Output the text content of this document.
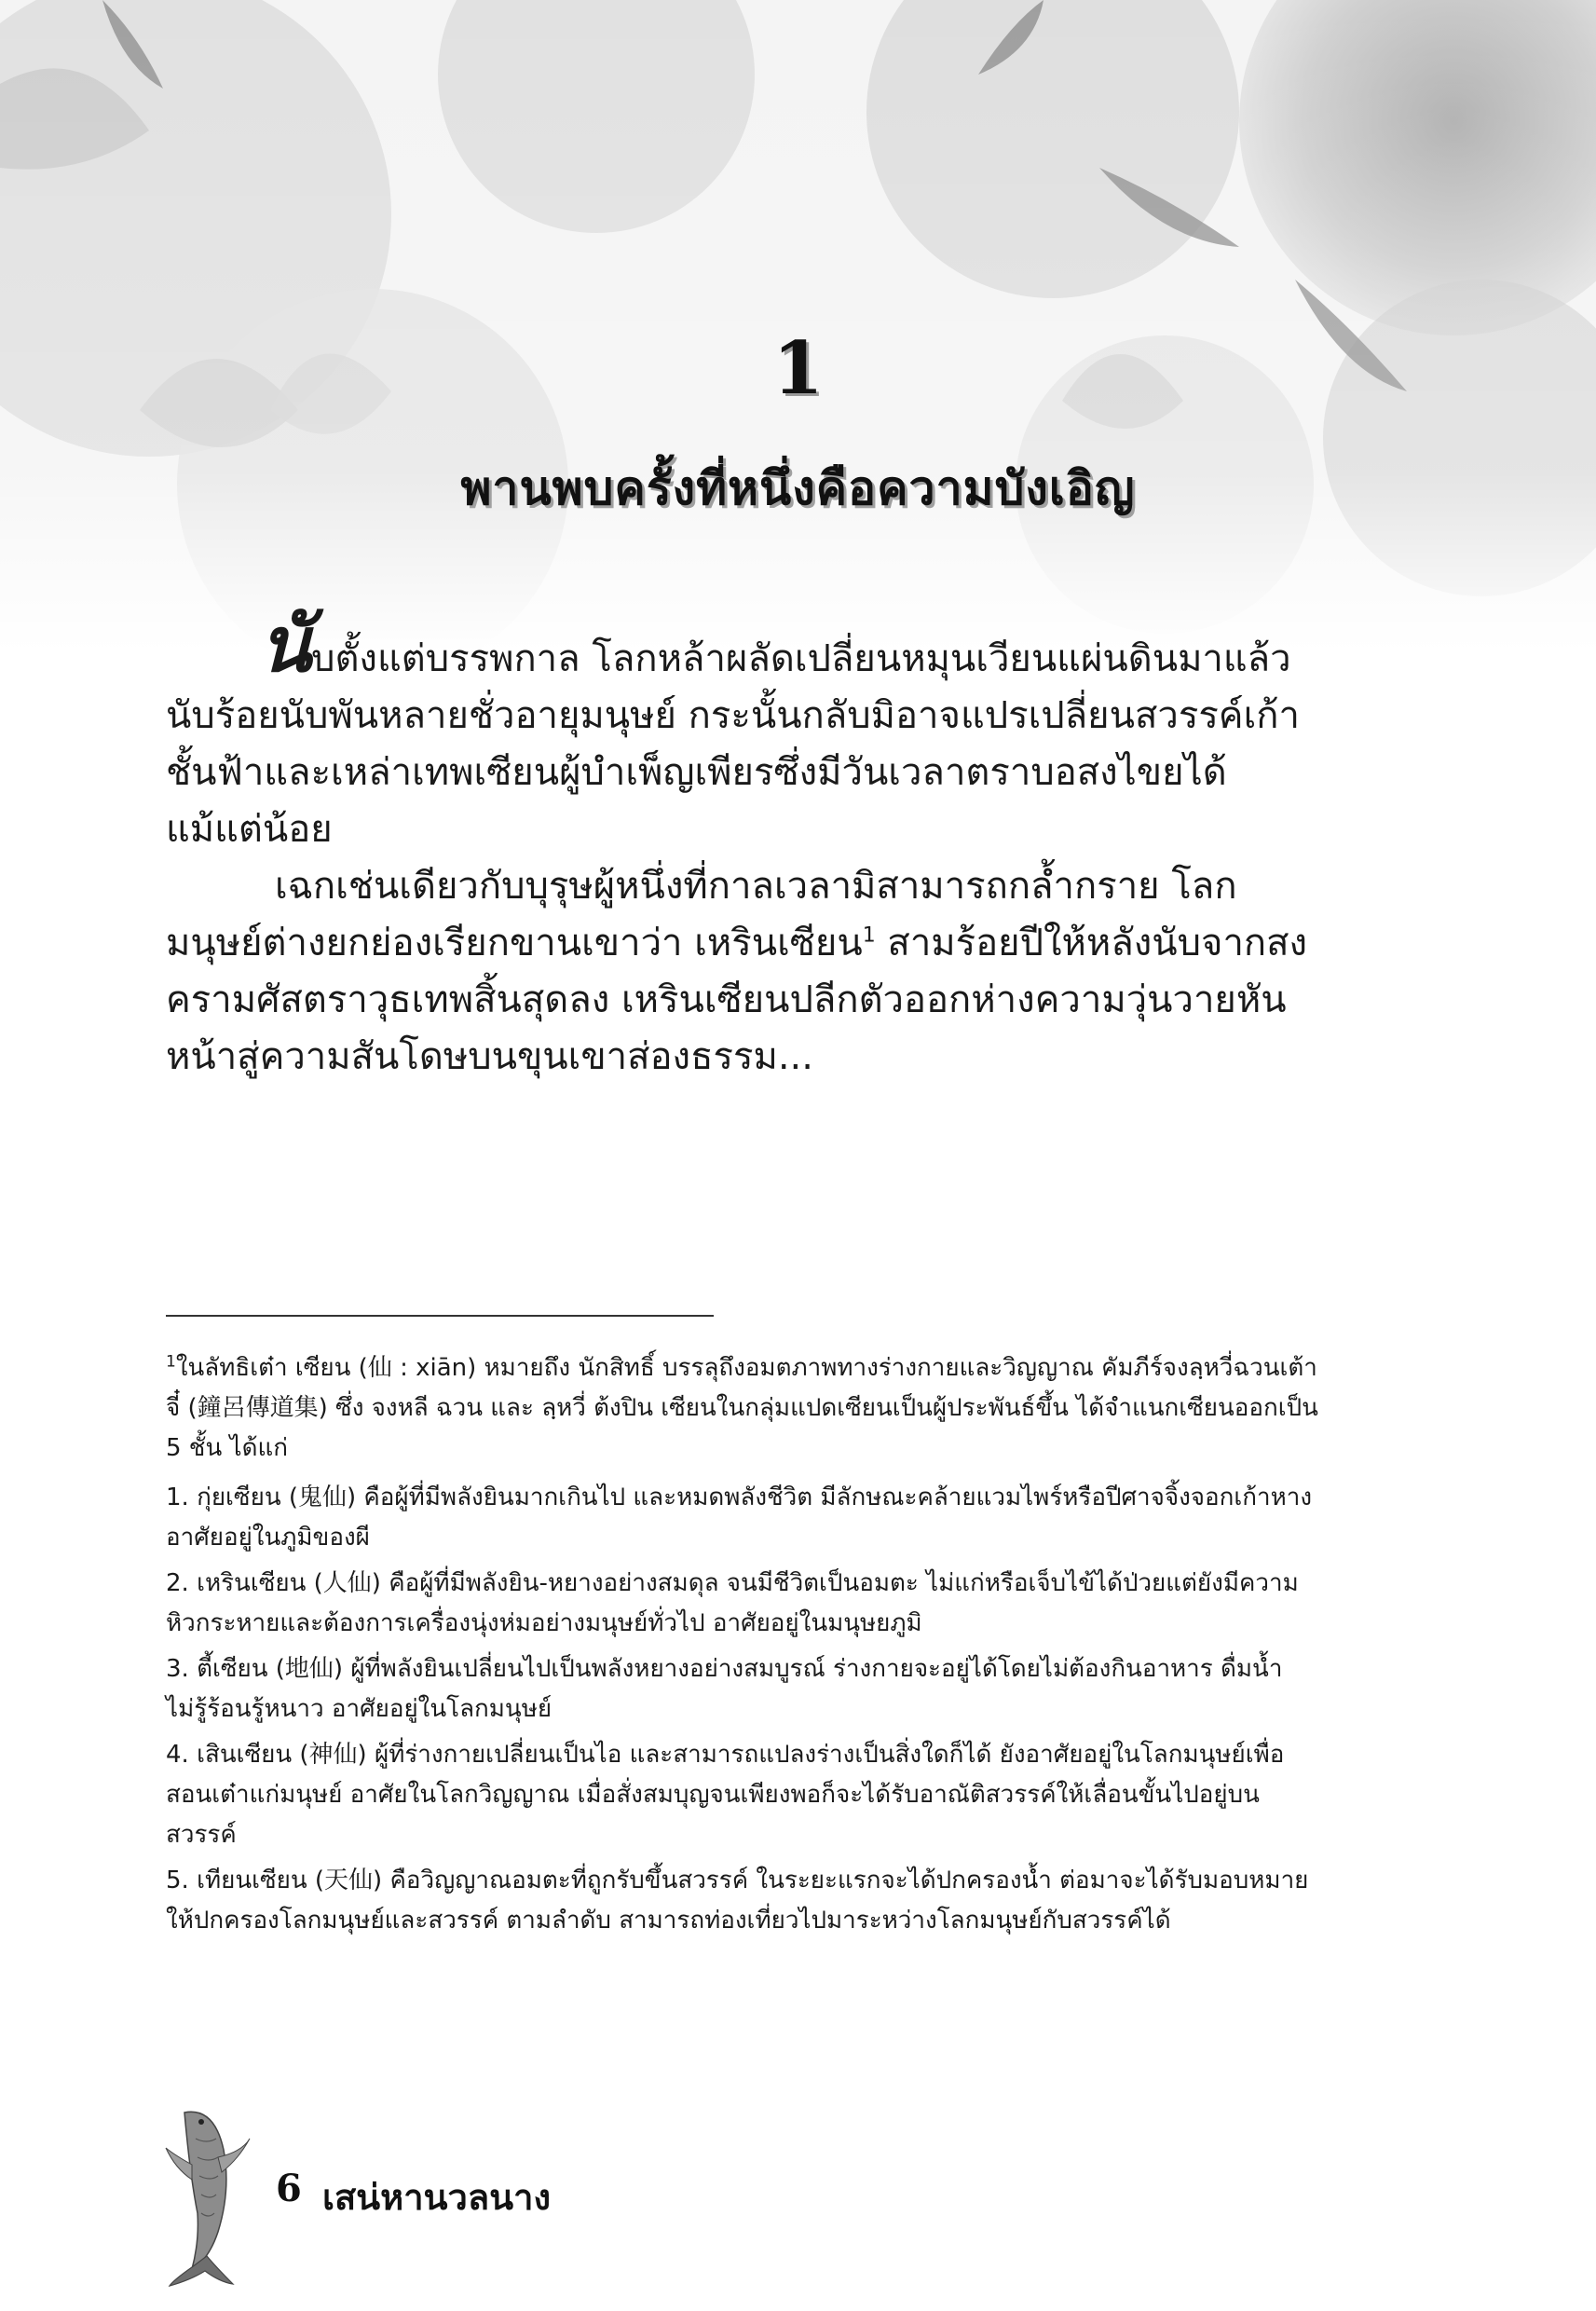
1
พานพบครั้งที่หนึ่งคือความบังเอิญ

นับตั้งแต่บรรพกาล โลกหล้าผลัดเปลี่ยนหมุนเวียนแผ่นดินมาแล้วนับร้อยนับพันหลายชั่วอายุมนุษย์ กระนั้นกลับมิอาจแปรเปลี่ยนสวรรค์เก้าชั้นฟ้าและเหล่าเทพเซียนผู้บำเพ็ญเพียรซึ่งมีวันเวลาตราบอสงไขยได้แม้แต่น้อย

เฉกเช่นเดียวกับบุรุษผู้หนึ่งที่กาลเวลามิสามารถกล้ำกราย โลกมนุษย์ต่างยกย่องเรียกขานเขาว่า เหรินเซียน$^1$ สามร้อยปีให้หลังนับจากสงครามศัสตราวุธเทพสิ้นสุดลง เหรินเซียนปลีกตัวออกห่างความวุ่นวายหันหน้าสู่ความสันโดษบนขุนเขาส่องธรรม...

$^1$ในลัทธิเต๋า เซียน (仙 : xiān) หมายถึง นักสิทธิ์ บรรลุถึงอมตภาพทางร่างกายและวิญญาณ คัมภีร์จงลฺหวี่ฉวนเต้าจี๋ (鐘呂傳道集) ซึ่ง จงหลี ฉวน และ ลฺหวี่ ต้งปิน เซียนในกลุ่มแปดเซียนเป็นผู้ประพันธ์ขึ้น ได้จำแนกเซียนออกเป็น 5 ชั้น ได้แก่

1. กุ่ยเซียน (鬼仙) คือผู้ที่มีพลังยินมากเกินไป และหมดพลังชีวิต มีลักษณะคล้ายแวมไพร์หรือปีศาจจิ้งจอกเก้าหาง อาศัยอยู่ในภูมิของผี

2. เหรินเซียน (人仙) คือผู้ที่มีพลังยิน-หยางอย่างสมดุล จนมีชีวิตเป็นอมตะ ไม่แก่หรือเจ็บไข้ได้ป่วยแต่ยังมีความหิวกระหายและต้องการเครื่องนุ่งห่มอย่างมนุษย์ทั่วไป อาศัยอยู่ในมนุษยภูมิ

3. ตี้เซียน (地仙) ผู้ที่พลังยินเปลี่ยนไปเป็นพลังหยางอย่างสมบูรณ์ ร่างกายจะอยู่ได้โดยไม่ต้องกินอาหาร ดื่มน้ำ ไม่รู้ร้อนรู้หนาว อาศัยอยู่ในโลกมนุษย์

4. เสินเซียน (神仙) ผู้ที่ร่างกายเปลี่ยนเป็นไอ และสามารถแปลงร่างเป็นสิ่งใดก็ได้ ยังอาศัยอยู่ในโลกมนุษย์เพื่อสอนเต๋าแก่มนุษย์ อาศัยในโลกวิญญาณ เมื่อสั่งสมบุญจนเพียงพอก็จะได้รับอาณัติสวรรค์ให้เลื่อนขั้นไปอยู่บนสวรรค์

5. เทียนเซียน (天仙) คือวิญญาณอมตะที่ถูกรับขึ้นสวรรค์ ในระยะแรกจะได้ปกครองน้ำ ต่อมาจะได้รับมอบหมายให้ปกครองโลกมนุษย์และสวรรค์ ตามลำดับ สามารถท่องเที่ยวไปมาระหว่างโลกมนุษย์กับสวรรค์ได้

6 เสน่หานวลนาง
